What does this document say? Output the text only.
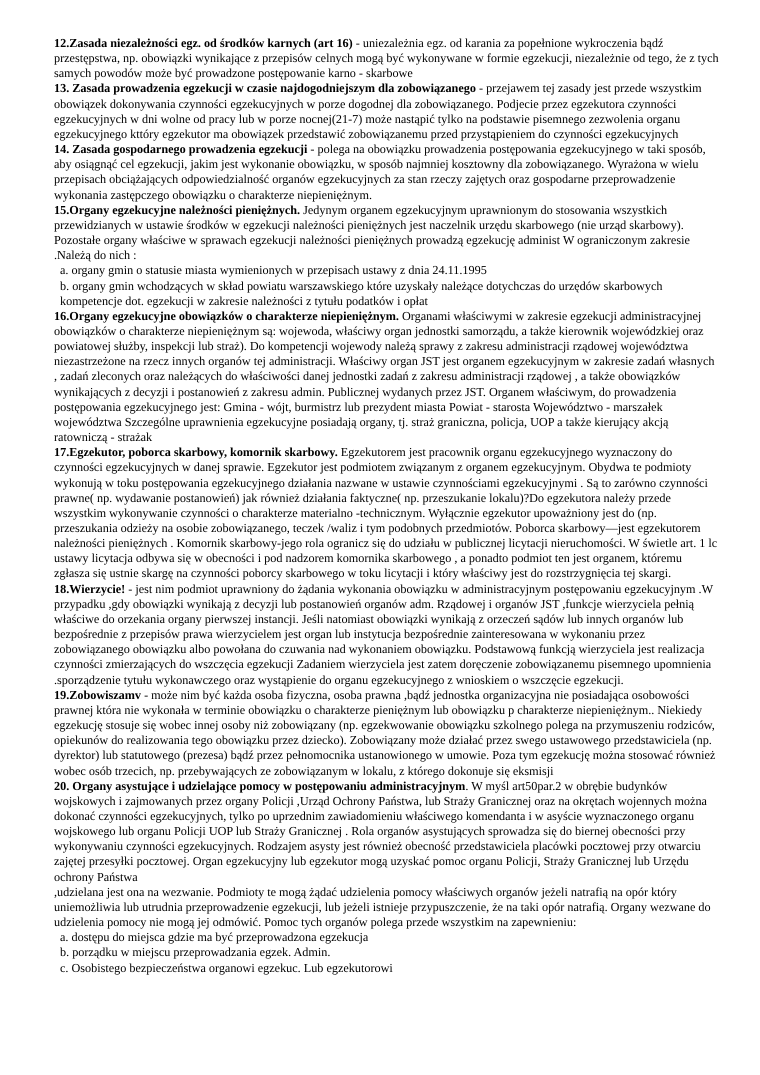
12.Zasada niezależności egz. od środków karnych (art 16) - uniezależnia egz. od karania za popełnione wykroczenia bądź przestępstwa, np. obowiązki wynikające z przepisów celnych mogą być wykonywane w formie egzekucji, niezależnie od tego, że z tych samych powodów może być prowadzone postępowanie karno - skarbowe

13. Zasada prowadzenia egzekucji w czasie najdogodniejszym dla zobowiązanego - przejawem tej zasady jest przede wszystkim obowiązek dokonywania czynności egzekucyjnych w porze dogodnej dla zobowiązanego. Podjecie przez egzekutora czynności egzekucyjnych w dni wolne od pracy lub w porze nocnej(21-7) może nastąpić tylko na podstawie pisemnego zezwolenia organu egzekucyjnego kttóry egzekutor ma obowiązek przedstawić zobowiązanemu przed przystąpieniem do czynności egzekucyjnych

14. Zasada gospodarnego prowadzenia egzekucji - polega na obowiązku prowadzenia postępowania egzekucyjnego w taki sposób, aby osiągnąć cel egzekucji, jakim jest wykonanie obowiązku, w sposób najmniej kosztowny dla zobowiązanego. Wyrażona w wielu przepisach obciążających odpowiedzialność organów egzekucyjnych za stan rzeczy zajętych oraz gospodarne przeprowadzenie wykonania zastępczego obowiązku o charakterze niepieniężnym.

15.Organy egzekucyjne należności pieniężnych. Jedynym organem egzekucyjnym uprawnionym do stosowania wszystkich przewidzianych w ustawie środków w egzekucji należności pieniężnych jest naczelnik urzędu skarbowego (nie urząd skarbowy). Pozostałe organy właściwe w sprawach egzekucji należności pieniężnych prowadzą egzekucję administ W ograniczonym zakresie .Należą do nich :

a. organy gmin o statusie miasta wymienionych w przepisach ustawy z dnia 24.11.1995
b. organy gmin wchodzących w skład powiatu warszawskiego które uzyskały należące dotychczas do urzędów skarbowych kompetencje dot. egzekucji w zakresie należności z tytułu podatków i opłat

16.Organy egzekucyjne obowiązków o charakterze niepieniężnym. Organami właściwymi w zakresie egzekucji administracyjnej obowiązków o charakterze niepieniężnym są: wojewoda, właściwy organ jednostki samorządu, a także kierownik wojewódzkiej oraz powiatowej służby, inspekcji lub straż). Do kompetencji wojewody należą sprawy z zakresu administracji rządowej województwa niezastrzeżone na rzecz innych organów tej administracji. Właściwy organ JST jest organem egzekucyjnym w zakresie zadań własnych , zadań zleconych oraz należących do właściwości danej jednostki zadań z zakresu administracji rządowej , a także obowiązków wynikających z decyzji i postanowień z zakresu admin. Publicznej wydanych przez JST. Organem właściwym, do prowadzenia postępowania egzekucyjnego jest: Gmina - wójt, burmistrz lub prezydent miasta Powiat - starosta Województwo - marszałek województwa Szczególne uprawnienia egzekucyjne posiadają organy, tj. straż graniczna, policja, UOP a także kierujący akcją ratowniczą - strażak

17.Egzekutor, poborca skarbowy, komornik skarbowy. Egzekutorem jest pracownik organu egzekucyjnego wyznaczony do czynności egzekucyjnych w danej sprawie. Egzekutor jest podmiotem związanym z organem egzekucyjnym. Obydwa te podmioty wykonują w toku postępowania egzekucyjnego działania nazwane w ustawie czynnościami egzekucyjnymi . Są to zarówno czynności prawne( np. wydawanie postanowień) jak również działania faktyczne( np. przeszukanie lokalu)?Do egzekutora należy przede wszystkim wykonywanie czynności o charakterze materialno -technicznym. Wyłącznie egzekutor upoważniony jest do (np. przeszukania odzieży na osobie zobowiązanego, teczek /waliz i tym podobnych przedmiotów. Poborca skarbowy—jest egzekutorem należności pieniężnych . Komornik skarbowy-jego rola ogranicz się do udziału w publicznej licytacji nieruchomości. W świetle art. 1 lc ustawy licytacja odbywa się w obecności i pod nadzorem komornika skarbowego , a ponadto podmiot ten jest organem, któremu zgłasza się ustnie skargę na czynności poborcy skarbowego w toku licytacji i który właściwy jest do rozstrzygnięcia tej skargi.

18.Wierzycie! - jest nim podmiot uprawniony do żądania wykonania obowiązku w administracyjnym postępowaniu egzekucyjnym .W przypadku ,gdy obowiązki wynikają z decyzji lub postanowień organów adm. Rządowej i organów JST ,funkcje wierzyciela pełnią właściwe do orzekania organy pierwszej instancji. Jeśli natomiast obowiązki wynikają z orzeczeń sądów lub innych organów lub bezpośrednie z przepisów prawa wierzycielem jest organ lub instytucja bezpośrednie zainteresowana w wykonaniu przez zobowiązanego obowiązku albo powołana do czuwania nad wykonaniem obowiązku. Podstawową funkcją wierzyciela jest realizacja czynności zmierzających do wszczęcia egzekucji Zadaniem wierzyciela jest zatem doręczenie zobowiązanemu pisemnego upomnienia .sporządzenie tytułu wykonawczego oraz wystąpienie do organu egzekucyjnego z wnioskiem o wszczęcie egzekucji.

19.Zobowiszamv - może nim być każda osoba fizyczna, osoba prawna ,bądź jednostka organizacyjna nie posiadająca osobowości prawnej która nie wykonała w terminie obowiązku o charakterze pieniężnym lub obowiązku p charakterze niepieniężnym.. Niekiedy egzekucję stosuje się wobec innej osoby niż zobowiązany (np. egzekwowanie obowiązku szkolnego polega na przymuszeniu rodziców, opiekunów do realizowania tego obowiązku przez dziecko). Zobowiązany może działać przez swego ustawowego przedstawiciela (np. dyrektor) lub statutowego (prezesa) bądź przez pełnomocnika ustanowionego w umowie. Poza tym egzekucję można stosować również wobec osób trzecich, np. przebywających ze zobowiązanym w lokalu, z którego dokonuje się eksmisji

20. Organy asystujące i udzielające pomocy w postępowaniu administracyjnym. W myśl art50par.2 w obrębie budynków wojskowych i zajmowanych przez organy Policji ,Urząd Ochrony Państwa, lub Straży Granicznej oraz na okrętach wojennych można dokonać czynności egzekucyjnych, tylko po uprzednim zawiadomieniu właściwego komendanta i w asyście wyznaczonego organu wojskowego lub organu Policji UOP lub Straży Granicznej . Rola organów asystujących sprowadza się do biernej obecności przy wykonywaniu czynności egzekucyjnych. Rodzajem asysty jest również obecność przedstawiciela placówki pocztowej przy otwarciu zajętej przesyłki pocztowej. Organ egzekucyjny lub egzekutor mogą uzyskać pomoc organu Policji, Straży Granicznej lub Urzędu ochrony Państwa

,udzielana jest ona na wezwanie. Podmioty te mogą żądać udzielenia pomocy właściwych organów jeżeli natrafią na opór który uniemożliwia lub utrudnia przeprowadzenie egzekucji, lub jeżeli istnieje przypuszczenie, że na taki opór natrafią. Organy wezwane do udzielenia pomocy nie mogą jej odmówić. Pomoc tych organów polega przede wszystkim na zapewnieniu:

a. dostępu do miejsca gdzie ma być przeprowadzona egzekucja
b. porządku w miejscu przeprowadzania egzek. Admin.
c. Osobistego bezpieczeństwa organowi egzekuc. Lub egzekutorowi
